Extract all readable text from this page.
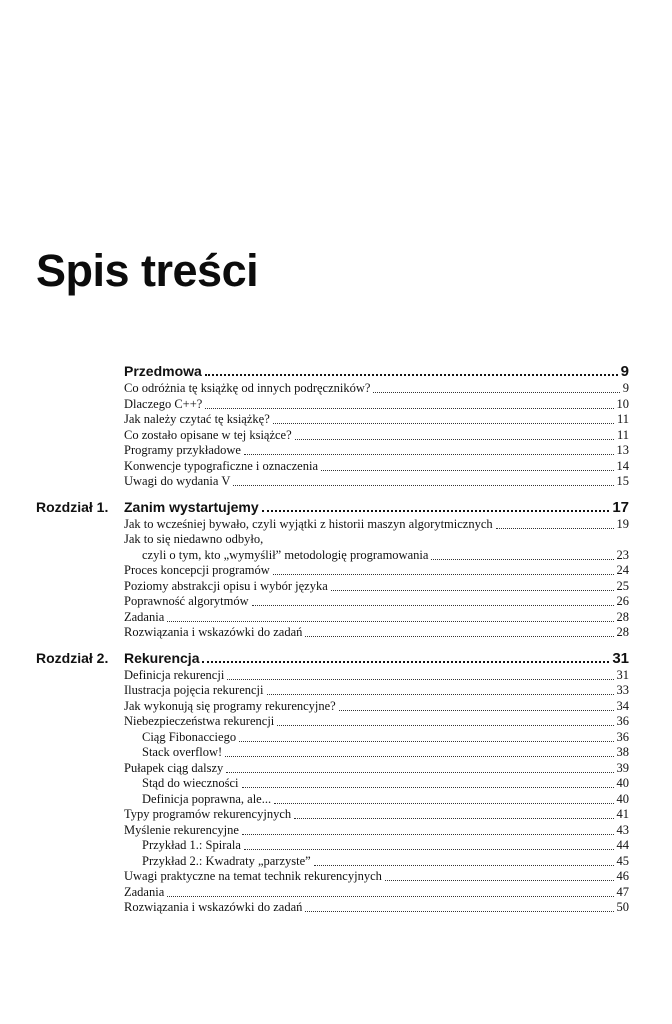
Spis treści
Przedmowa	9
Co odróżnia tę książkę od innych podręczników?	9
Dlaczego C++?	10
Jak należy czytać tę książkę?	11
Co zostało opisane w tej książce?	11
Programy przykładowe	13
Konwencje typograficzne i oznaczenia	14
Uwagi do wydania V	15
Rozdział 1. Zanim wystartujemy	17
Jak to wcześniej bywało, czyli wyjątki z historii maszyn algorytmicznych	19
Jak to się niedawno odbyło,
czyli o tym, kto „wymyślił” metodologię programowania	23
Proces koncepcji programów	24
Poziomy abstrakcji opisu i wybór języka	25
Poprawność algorytmów	26
Zadania	28
Rozwiązania i wskazówki do zadań	28
Rozdział 2. Rekurencja	31
Definicja rekurencji	31
Ilustracja pojęcia rekurencji	33
Jak wykonują się programy rekurencyjne?	34
Niebezpieczeństwa rekurencji	36
Ciąg Fibonacciego	36
Stack overflow!	38
Pułapek ciąg dalszy	39
Stąd do wieczności	40
Definicja poprawna, ale...	40
Typy programów rekurencyjnych	41
Myślenie rekurencyjne	43
Przykład 1.: Spirala	44
Przykład 2.: Kwadraty „parzyste”	45
Uwagi praktyczne na temat technik rekurencyjnych	46
Zadania	47
Rozwiązania i wskazówki do zadań	50
